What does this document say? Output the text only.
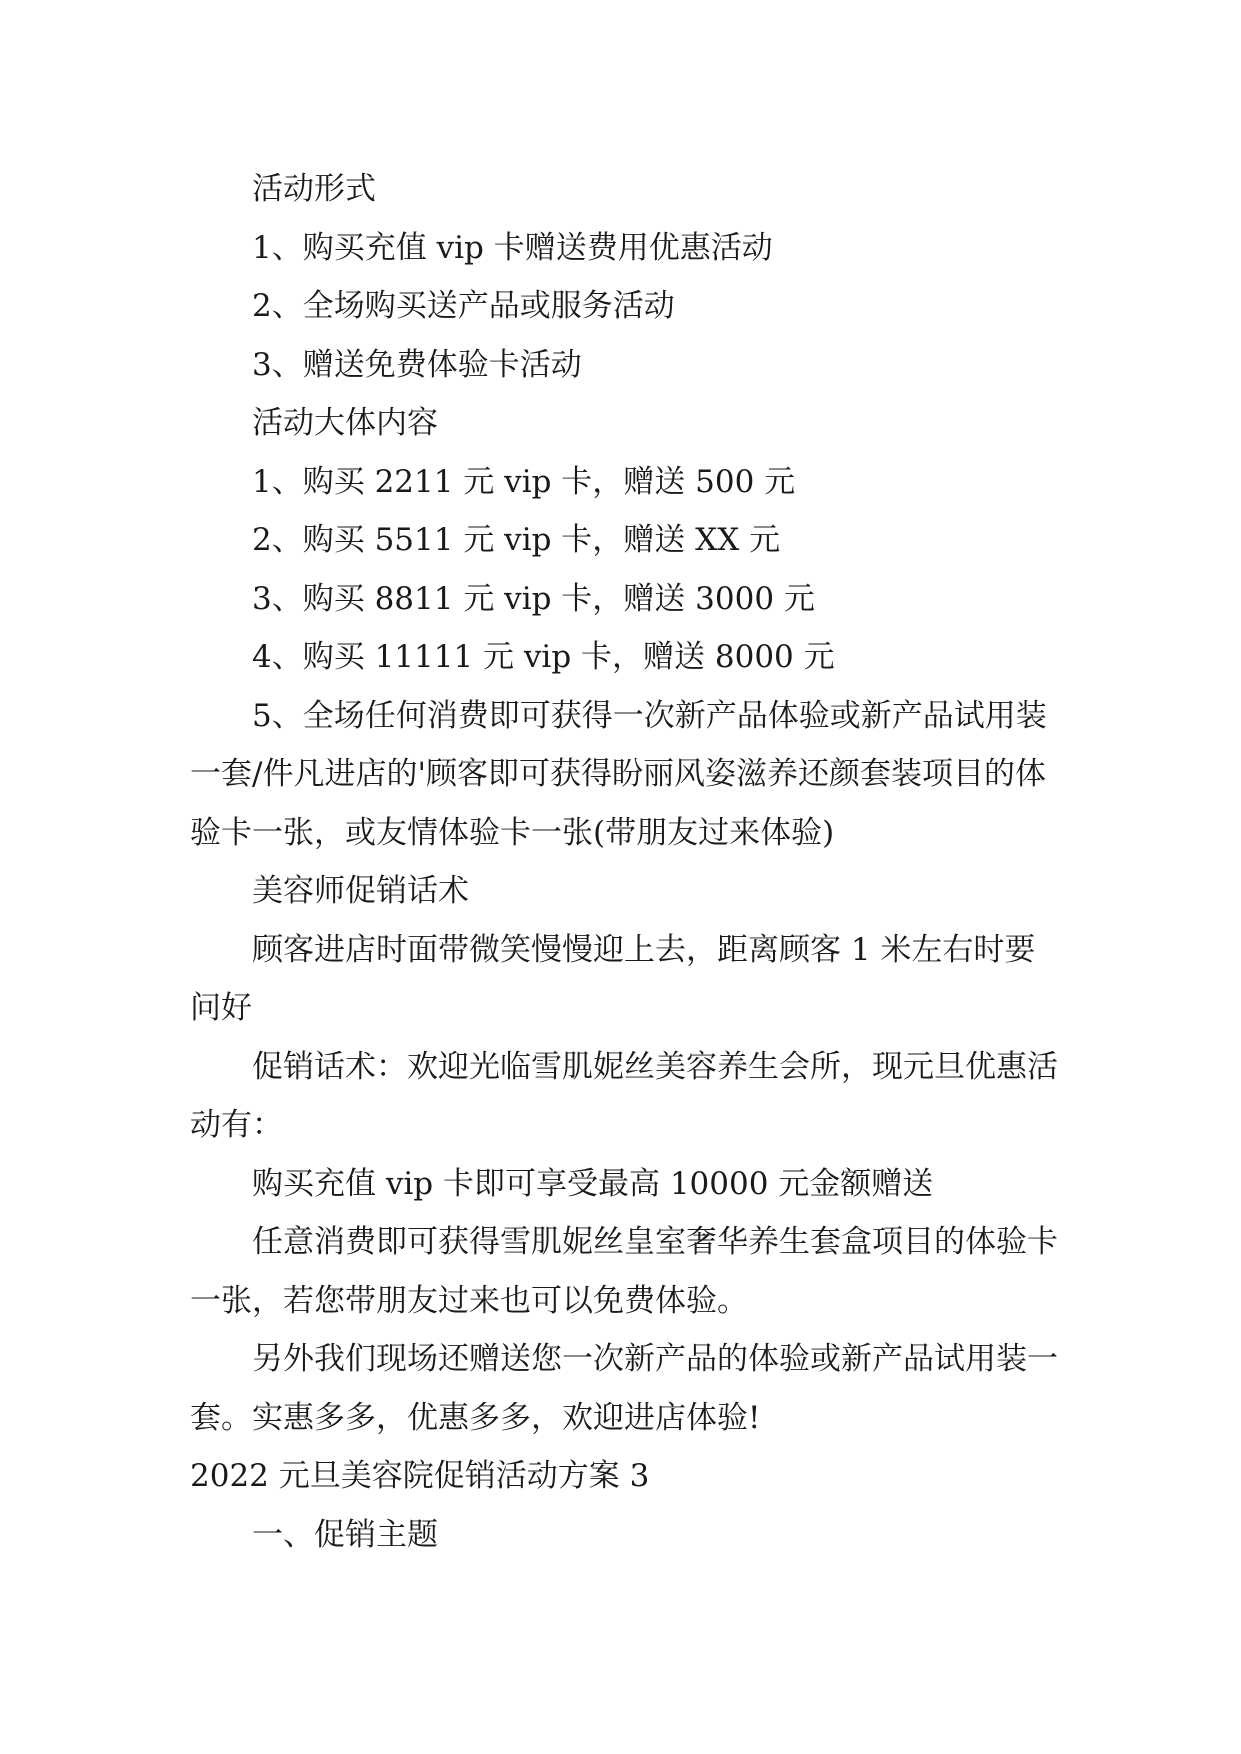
活动形式

1、购买充值 vip 卡赠送费用优惠活动

2、全场购买送产品或服务活动

3、赠送免费体验卡活动

活动大体内容

1、购买 2211 元 vip 卡，赠送 500 元

2、购买 5511 元 vip 卡，赠送 XX 元

3、购买 8811 元 vip 卡，赠送 3000 元

4、购买 11111 元 vip 卡，赠送 8000 元

5、全场任何消费即可获得一次新产品体验或新产品试用装一套/件凡进店的'顾客即可获得盼丽风姿滋养还颜套装项目的体验卡一张，或友情体验卡一张(带朋友过来体验)

美容师促销话术

顾客进店时面带微笑慢慢迎上去，距离顾客 1 米左右时要问好

促销话术：欢迎光临雪肌妮丝美容养生会所，现元旦优惠活动有：

购买充值 vip 卡即可享受最高 10000 元金额赠送

任意消费即可获得雪肌妮丝皇室奢华养生套盒项目的体验卡一张，若您带朋友过来也可以免费体验。

另外我们现场还赠送您一次新产品的体验或新产品试用装一套。实惠多多，优惠多多，欢迎进店体验!

2022 元旦美容院促销活动方案 3

一、促销主题
